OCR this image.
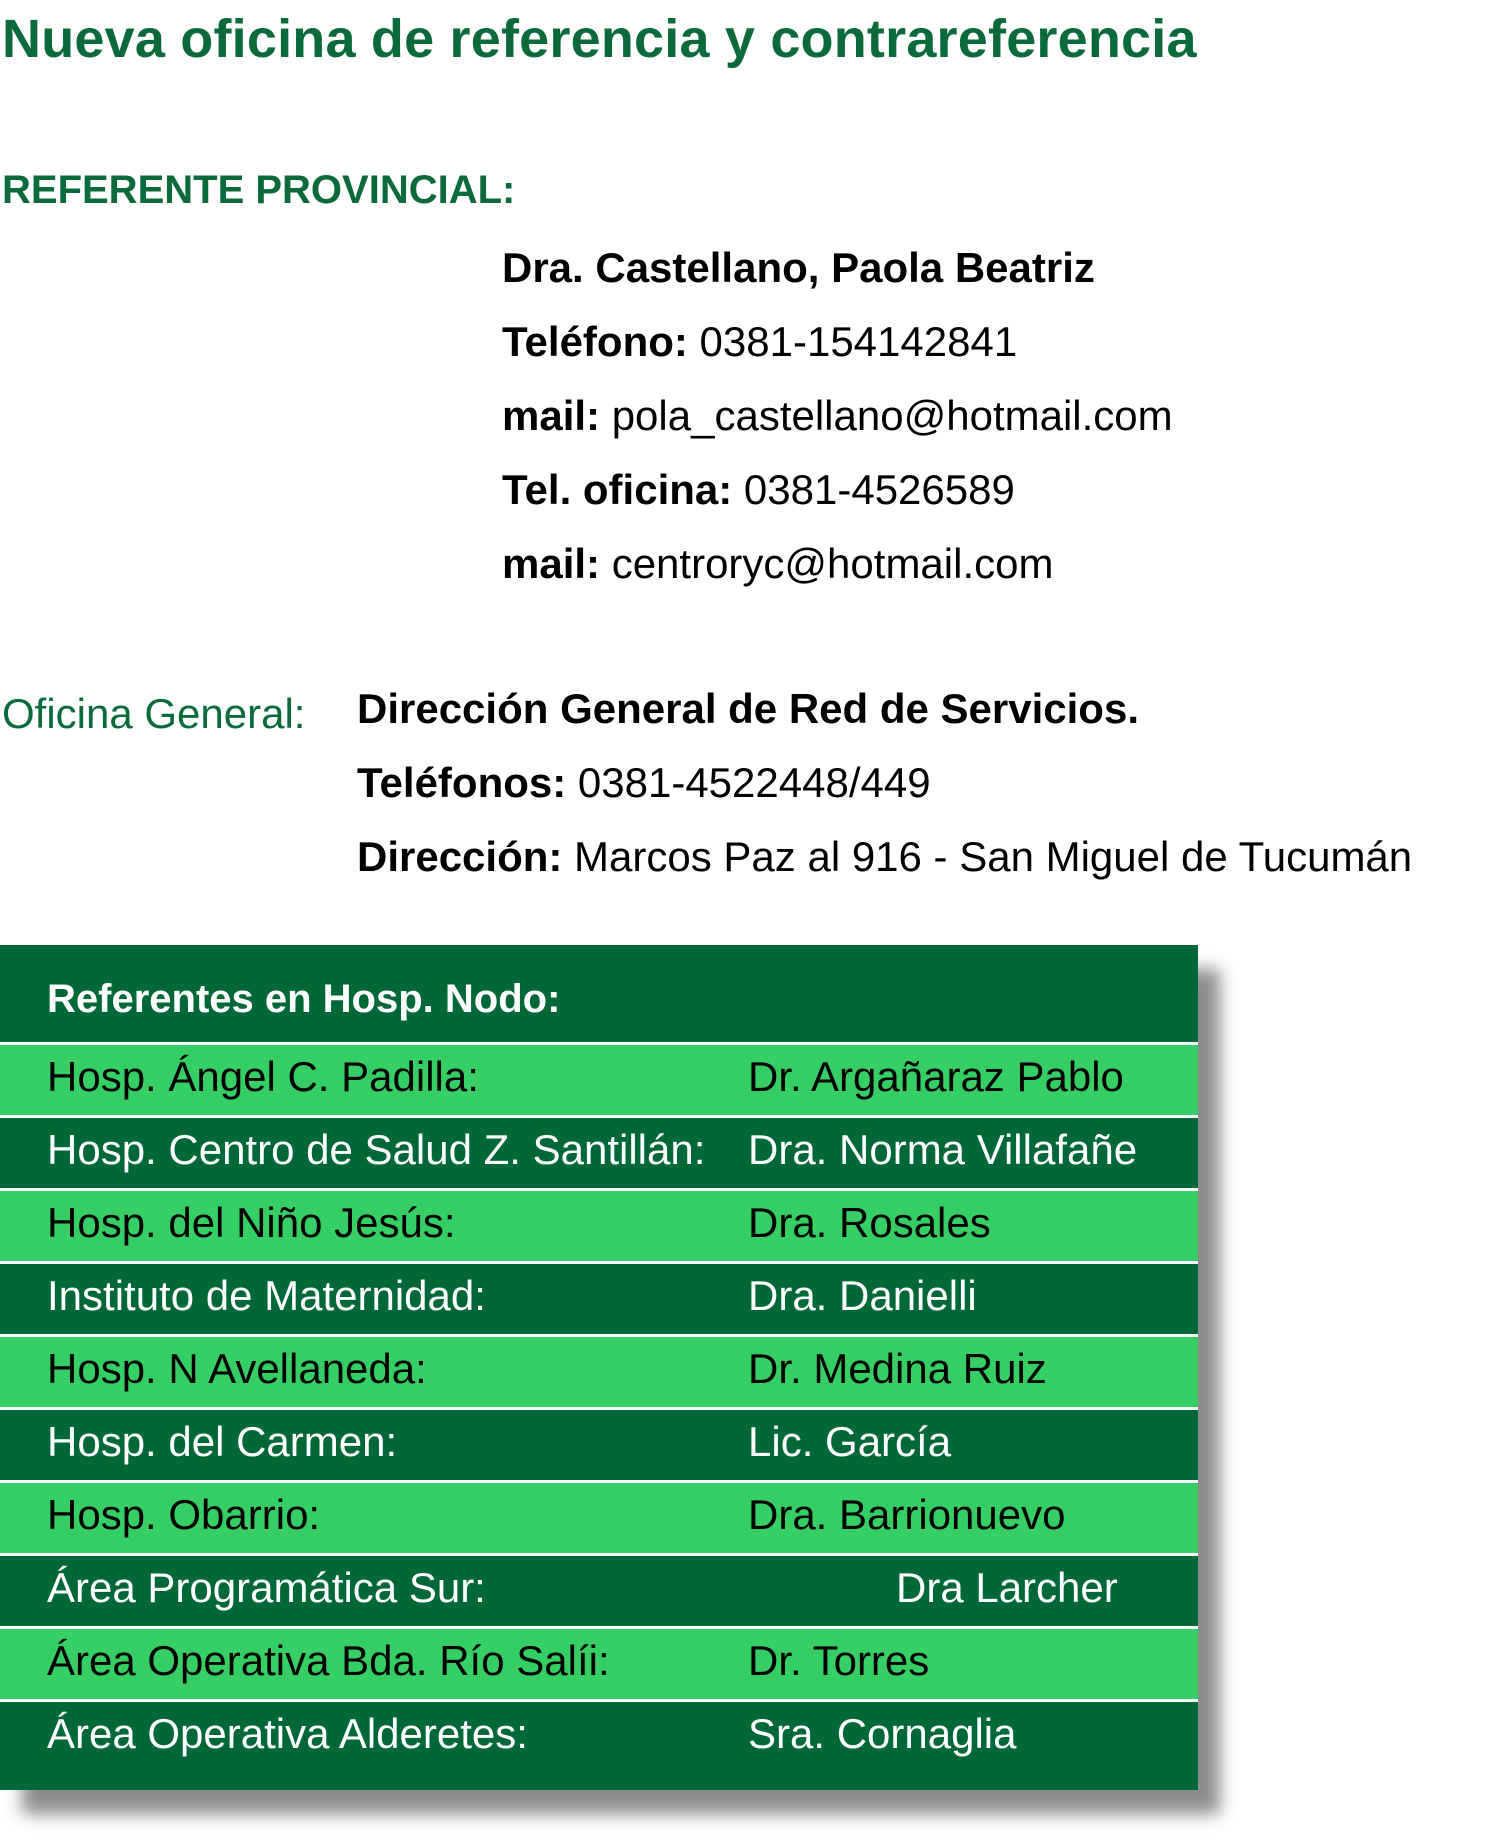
Nueva oficina de referencia y contrareferencia
REFERENTE PROVINCIAL:
Dra. Castellano, Paola Beatriz
Teléfono: 0381-154142841
mail: pola_castellano@hotmail.com
Tel. oficina: 0381-4526589
mail: centroryc@hotmail.com
Oficina General: Dirección General de Red de Servicios.
Teléfonos: 0381-4522448/449
Dirección: Marcos Paz al 916 - San Miguel de Tucumán
Referentes en Hosp. Nodo:
Hosp. Ángel C. Padilla:	Dr. Argañaraz Pablo
Hosp. Centro de Salud Z. Santillán: Dra. Norma Villafañe
Hosp. del Niño Jesús:	Dra. Rosales
Instituto de Maternidad:	Dra. Danielli
Hosp. N Avellaneda:	Dr. Medina Ruiz
Hosp. del Carmen:	Lic. García
Hosp. Obarrio:	Dra. Barrionuevo
Área Programática Sur:	Dra Larcher
Área Operativa Bda. Río Salíi:	Dr. Torres
Área Operativa Alderetes:	Sra. Cornaglia
